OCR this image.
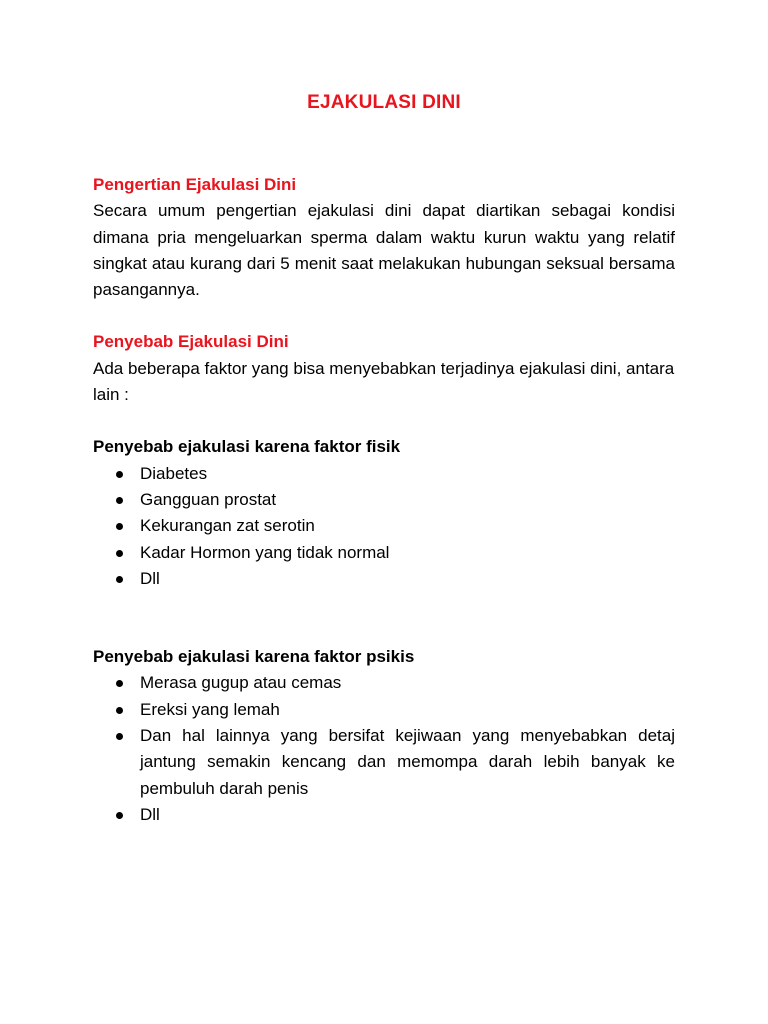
EJAKULASI DINI

Pengertian Ejakulasi Dini

Secara umum pengertian ejakulasi dini dapat diartikan sebagai kondisi dimana pria mengeluarkan sperma dalam waktu kurun waktu yang relatif singkat atau kurang dari 5 menit saat melakukan hubungan seksual bersama pasangannya.

Penyebab Ejakulasi Dini

Ada beberapa faktor yang bisa menyebabkan terjadinya ejakulasi dini, antara lain :

Penyebab ejakulasi karena faktor fisik

Diabetes
Gangguan prostat
Kekurangan zat serotin
Kadar Hormon yang tidak normal
Dll

Penyebab ejakulasi karena faktor psikis

Merasa gugup atau cemas
Ereksi yang lemah
Dan hal lainnya yang bersifat kejiwaan yang menyebabkan detaj jantung semakin kencang dan memompa darah lebih banyak ke pembuluh darah penis
Dll
